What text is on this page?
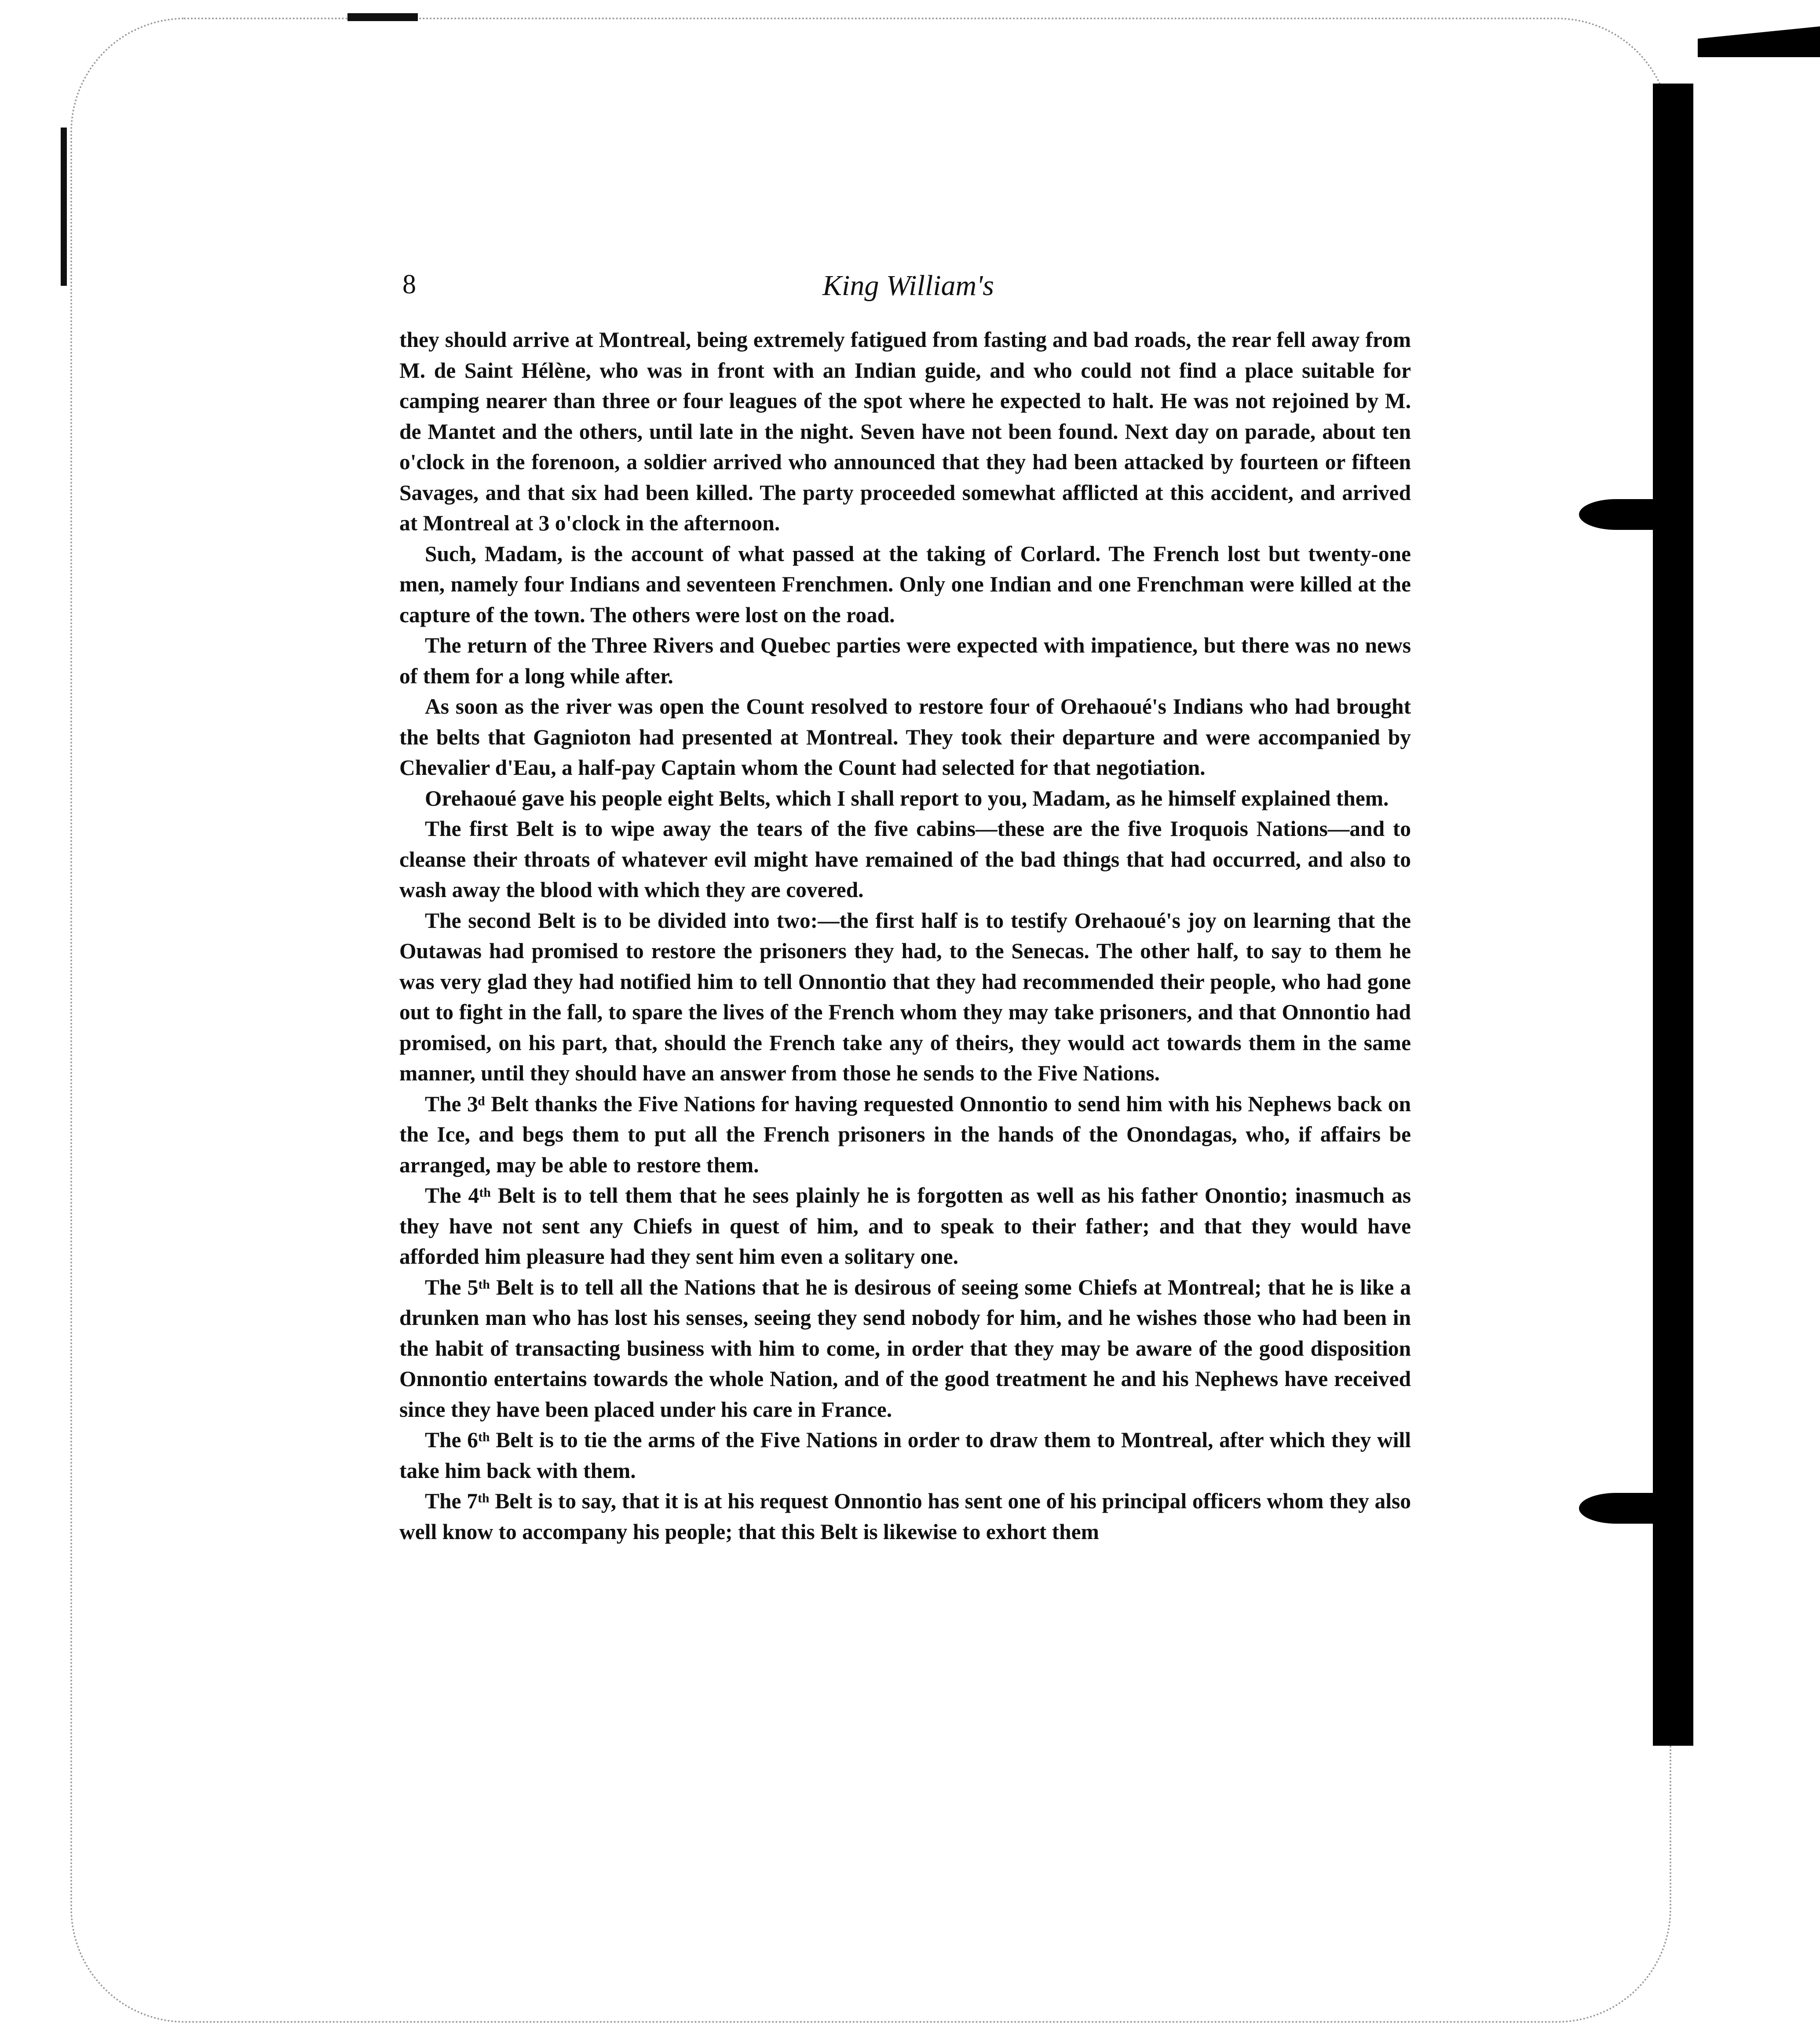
8	King William's

they should arrive at Montreal, being extremely fatigued from fasting and bad roads, the rear fell away from M. de Saint Hélène, who was in front with an Indian guide, and who could not find a place suitable for camping nearer than three or four leagues of the spot where he expected to halt. He was not rejoined by M. de Mantet and the others, until late in the night. Seven have not been found. Next day on parade, about ten o'clock in the forenoon, a soldier arrived who announced that they had been attacked by fourteen or fifteen Savages, and that six had been killed. The party proceeded somewhat afflicted at this accident, and arrived at Montreal at 3 o'clock in the afternoon.

Such, Madam, is the account of what passed at the taking of Corlard. The French lost but twenty-one men, namely four Indians and seventeen Frenchmen. Only one Indian and one Frenchman were killed at the capture of the town. The others were lost on the road.

The return of the Three Rivers and Quebec parties were expected with impatience, but there was no news of them for a long while after.

As soon as the river was open the Count resolved to restore four of Orehaoué's Indians who had brought the belts that Gagnioton had presented at Montreal. They took their departure and were accompanied by Chevalier d'Eau, a half-pay Captain whom the Count had selected for that negotiation.

Orehaoué gave his people eight Belts, which I shall report to you, Madam, as he himself explained them.

The first Belt is to wipe away the tears of the five cabins—these are the five Iroquois Nations—and to cleanse their throats of whatever evil might have remained of the bad things that had occurred, and also to wash away the blood with which they are covered.

The second Belt is to be divided into two:—the first half is to testify Orehaoué's joy on learning that the Outawas had promised to restore the prisoners they had, to the Senecas. The other half, to say to them he was very glad they had notified him to tell Onnontio that they had recommended their people, who had gone out to fight in the fall, to spare the lives of the French whom they may take prisoners, and that Onnontio had promised, on his part, that, should the French take any of theirs, they would act towards them in the same manner, until they should have an answer from those he sends to the Five Nations.

The 3ᵈ Belt thanks the Five Nations for having requested Onnontio to send him with his Nephews back on the Ice, and begs them to put all the French prisoners in the hands of the Onondagas, who, if affairs be arranged, may be able to restore them.

The 4ᵗʰ Belt is to tell them that he sees plainly he is forgotten as well as his father Onontio; inasmuch as they have not sent any Chiefs in quest of him, and to speak to their father; and that they would have afforded him pleasure had they sent him even a solitary one.

The 5ᵗʰ Belt is to tell all the Nations that he is desirous of seeing some Chiefs at Montreal; that he is like a drunken man who has lost his senses, seeing they send nobody for him, and he wishes those who had been in the habit of transacting business with him to come, in order that they may be aware of the good disposition Onnontio entertains towards the whole Nation, and of the good treatment he and his Nephews have received since they have been placed under his care in France.

The 6ᵗʰ Belt is to tie the arms of the Five Nations in order to draw them to Montreal, after which they will take him back with them.

The 7ᵗʰ Belt is to say, that it is at his request Onnontio has sent one of his principal officers whom they also well know to accompany his people; that this Belt is likewise to exhort them
